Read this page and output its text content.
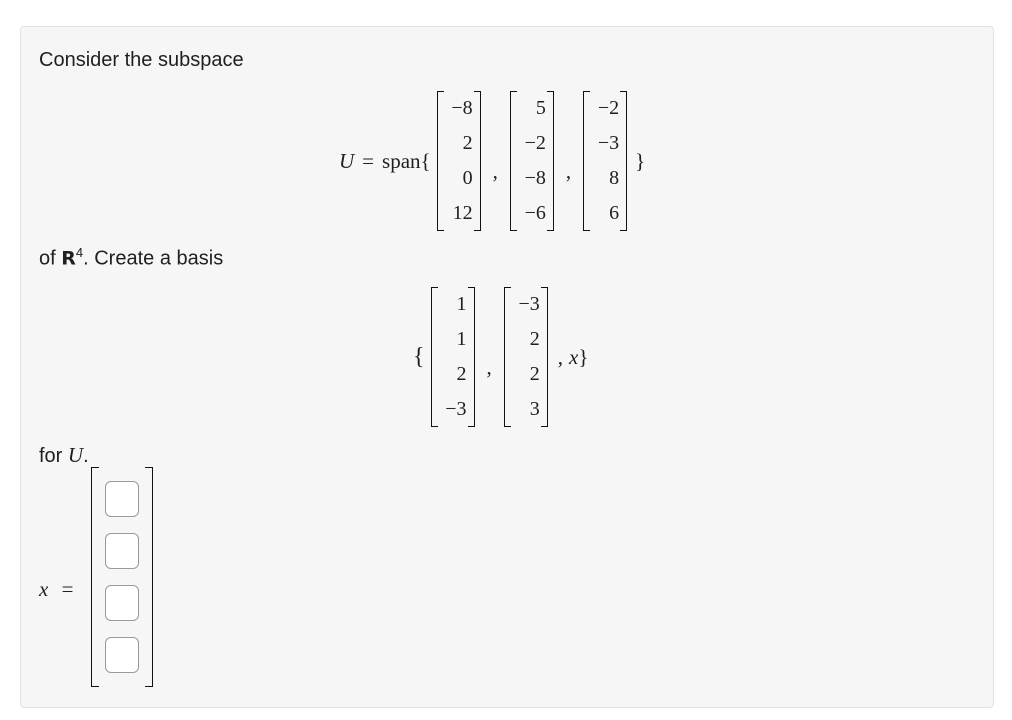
Consider the subspace
U = span{
−8
2
0
12
,
5
−2
−8
−6
,
−2
−3
8
6
}
of $R^4$. Create a basis
{
1
1
2
−3
,
−3
2
2
3
, x }
for U.
x =
